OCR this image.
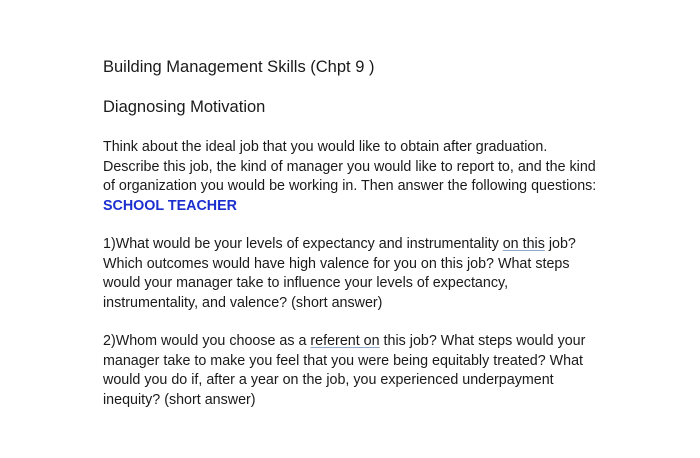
Building Management Skills (Chpt 9 )
Diagnosing Motivation
Think about the ideal job that you would like to obtain after graduation.
Describe this job, the kind of manager you would like to report to, and the kind
of organization you would be working in. Then answer the following questions:
SCHOOL TEACHER
1)What would be your levels of expectancy and instrumentality on this job?
Which outcomes would have high valence for you on this job? What steps
would your manager take to influence your levels of expectancy,
instrumentality, and valence? (short answer)
2)Whom would you choose as a referent on this job? What steps would your
manager take to make you feel that you were being equitably treated? What
would you do if, after a year on the job, you experienced underpayment
inequity? (short answer)
